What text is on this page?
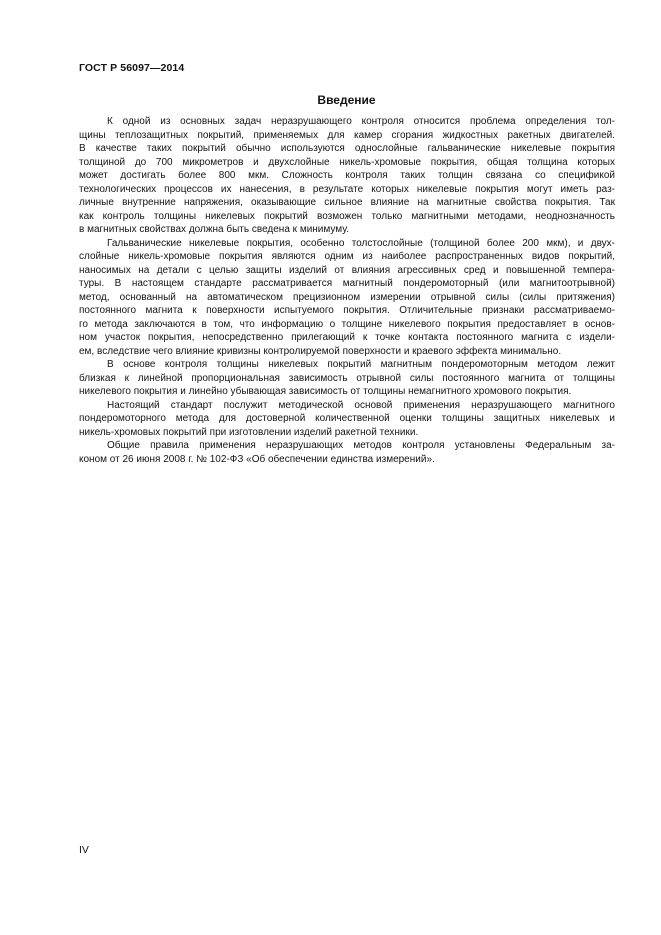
ГОСТ Р 56097—2014
Введение
К одной из основных задач неразрушающего контроля относится проблема определения тол-
щины теплозащитных покрытий, применяемых для камер сгорания жидкостных ракетных двигателей.
В качестве таких покрытий обычно используются однослойные гальванические никелевые покрытия
толщиной до 700 микрометров и двухслойные никель-хромовые покрытия, общая толщина которых
может достигать более 800 мкм. Сложность контроля таких толщин связана со спецификой
технологических процессов их нанесения, в результате которых никелевые покрытия могут иметь раз-
личные внутренние напряжения, оказывающие сильное влияние на магнитные свойства покрытия. Так
как контроль толщины никелевых покрытий возможен только магнитными методами, неоднозначность
в магнитных свойствах должна быть сведена к минимуму.
Гальванические никелевые покрытия, особенно толстослойные (толщиной более 200 мкм), и двух-
слойные никель-хромовые покрытия являются одним из наиболее распространенных видов покрытий,
наносимых на детали с целью защиты изделий от влияния агрессивных сред и повышенной темпера-
туры. В настоящем стандарте рассматривается магнитный пондеромоторный (или магнитоотрывной)
метод, основанный на автоматическом прецизионном измерении отрывной силы (силы притяжения)
постоянного магнита к поверхности испытуемого покрытия. Отличительные признаки рассматриваемо-
го метода заключаются в том, что информацию о толщине никелевого покрытия предоставляет в основ-
ном участок покрытия, непосредственно прилегающий к точке контакта постоянного магнита с издели-
ем, вследствие чего влияние кривизны контролируемой поверхности и краевого эффекта минимально.
В основе контроля толщины никелевых покрытий магнитным пондеромоторным методом лежит
близкая к линейной пропорциональная зависимость отрывной силы постоянного магнита от толщины
никелевого покрытия и линейно убывающая зависимость от толщины немагнитного хромового покрытия.
Настоящий стандарт послужит методической основой применения неразрушающего магнитного
пондеромоторного метода для достоверной количественной оценки толщины защитных никелевых и
никель-хромовых покрытий при изготовлении изделий ракетной техники.
Общие правила применения неразрушающих методов контроля установлены Федеральным за-
коном от 26 июня 2008 г. № 102-ФЗ «Об обеспечении единства измерений».
IV
